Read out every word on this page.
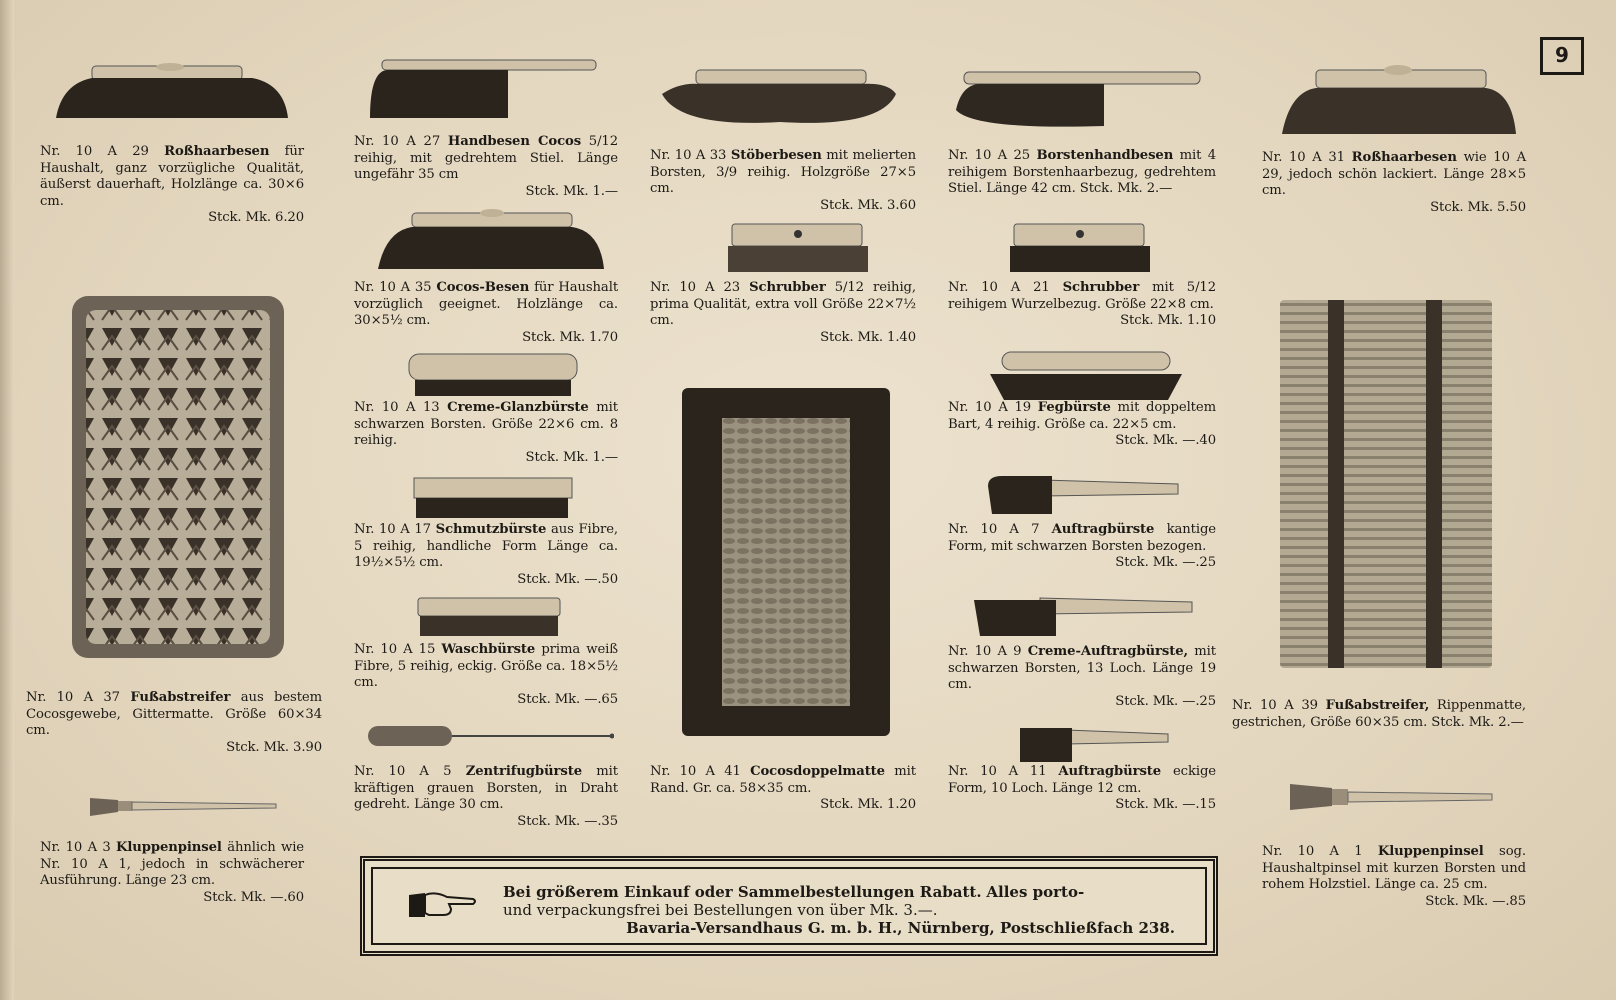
9
Nr. 10 A 29 Roßhaarbesen für Haushalt, ganz vorzügliche Qualität, äußerst dauerhaft, Holzlänge ca. 30×6 cm.
Stck. Mk. 6.20
Nr. 10 A 27 Handbesen Cocos 5/12 reihig, mit gedrehtem Stiel. Länge ungefähr 35 cm
Stck. Mk. 1.—
Nr. 10 A 33 Stöberbesen mit melierten Borsten, 3/9 reihig. Holzgröße 27×5 cm.
Stck. Mk. 3.60
Nr. 10 A 25 Borstenhandbesen mit 4 reihigem Borstenhaarbezug, gedrehtem Stiel. Länge 42 cm. Stck. Mk. 2.—
Nr. 10 A 31 Roßhaarbesen wie 10 A 29, jedoch schön lackiert. Länge 28×5 cm.
Stck. Mk. 5.50
Nr. 10 A 35 Cocos-Besen für Haushalt vorzüglich geeignet. Holzlänge ca. 30×5½ cm.
Stck. Mk. 1.70
Nr. 10 A 23 Schrubber 5/12 reihig, prima Qualität, extra voll Größe 22×7½ cm.
Stck. Mk. 1.40
Nr. 10 A 21 Schrubber mit 5/12 reihigem Wurzelbezug. Größe 22×8 cm.
Stck. Mk. 1.10
Nr. 10 A 13 Creme-Glanzbürste mit schwarzen Borsten. Größe 22×6 cm. 8 reihig.
Stck. Mk. 1.—
Nr. 10 A 19 Fegbürste mit doppeltem Bart, 4 reihig. Größe ca. 22×5 cm.
Stck. Mk. —.40
Nr. 10 A 17 Schmutzbürste aus Fibre, 5 reihig, handliche Form Länge ca. 19½×5½ cm.
Stck. Mk. —.50
Nr. 10 A 7 Auftragbürste kantige Form, mit schwarzen Borsten bezogen.
Stck. Mk. —.25
Nr. 10 A 15 Waschbürste prima weiß Fibre, 5 reihig, eckig. Größe ca. 18×5½ cm.
Stck. Mk. —.65
Nr. 10 A 9 Creme-Auftragbürste, mit schwarzen Borsten, 13 Loch. Länge 19 cm.
Stck. Mk. —.25
Nr. 10 A 37 Fußabstreifer aus bestem Cocosgewebe, Gittermatte. Größe 60×34 cm.
Stck. Mk. 3.90
Nr. 10 A 39 Fußabstreifer, Rippenmatte, gestrichen, Größe 60×35 cm. Stck. Mk. 2.—
Nr. 10 A 5 Zentrifugbürste mit kräftigen grauen Borsten, in Draht gedreht. Länge 30 cm.
Stck. Mk. —.35
Nr. 10 A 41 Cocosdoppelmatte mit Rand. Gr. ca. 58×35 cm.
Stck. Mk. 1.20
Nr. 10 A 11 Auftragbürste eckige Form, 10 Loch. Länge 12 cm.
Stck. Mk. —.15
Nr. 10 A 3 Kluppenpinsel ähnlich wie Nr. 10 A 1, jedoch in schwächerer Ausführung. Länge 23 cm.
Stck. Mk. —.60
Nr. 10 A 1 Kluppenpinsel sog. Haushaltpinsel mit kurzen Borsten und rohem Holzstiel. Länge ca. 25 cm.
Stck. Mk. —.85
Bei größerem Einkauf oder Sammelbestellungen Rabatt. Alles porto-
und verpackungsfrei bei Bestellungen von über Mk. 3.—.
Bavaria-Versandhaus G. m. b. H., Nürnberg, Postschließfach 238.
